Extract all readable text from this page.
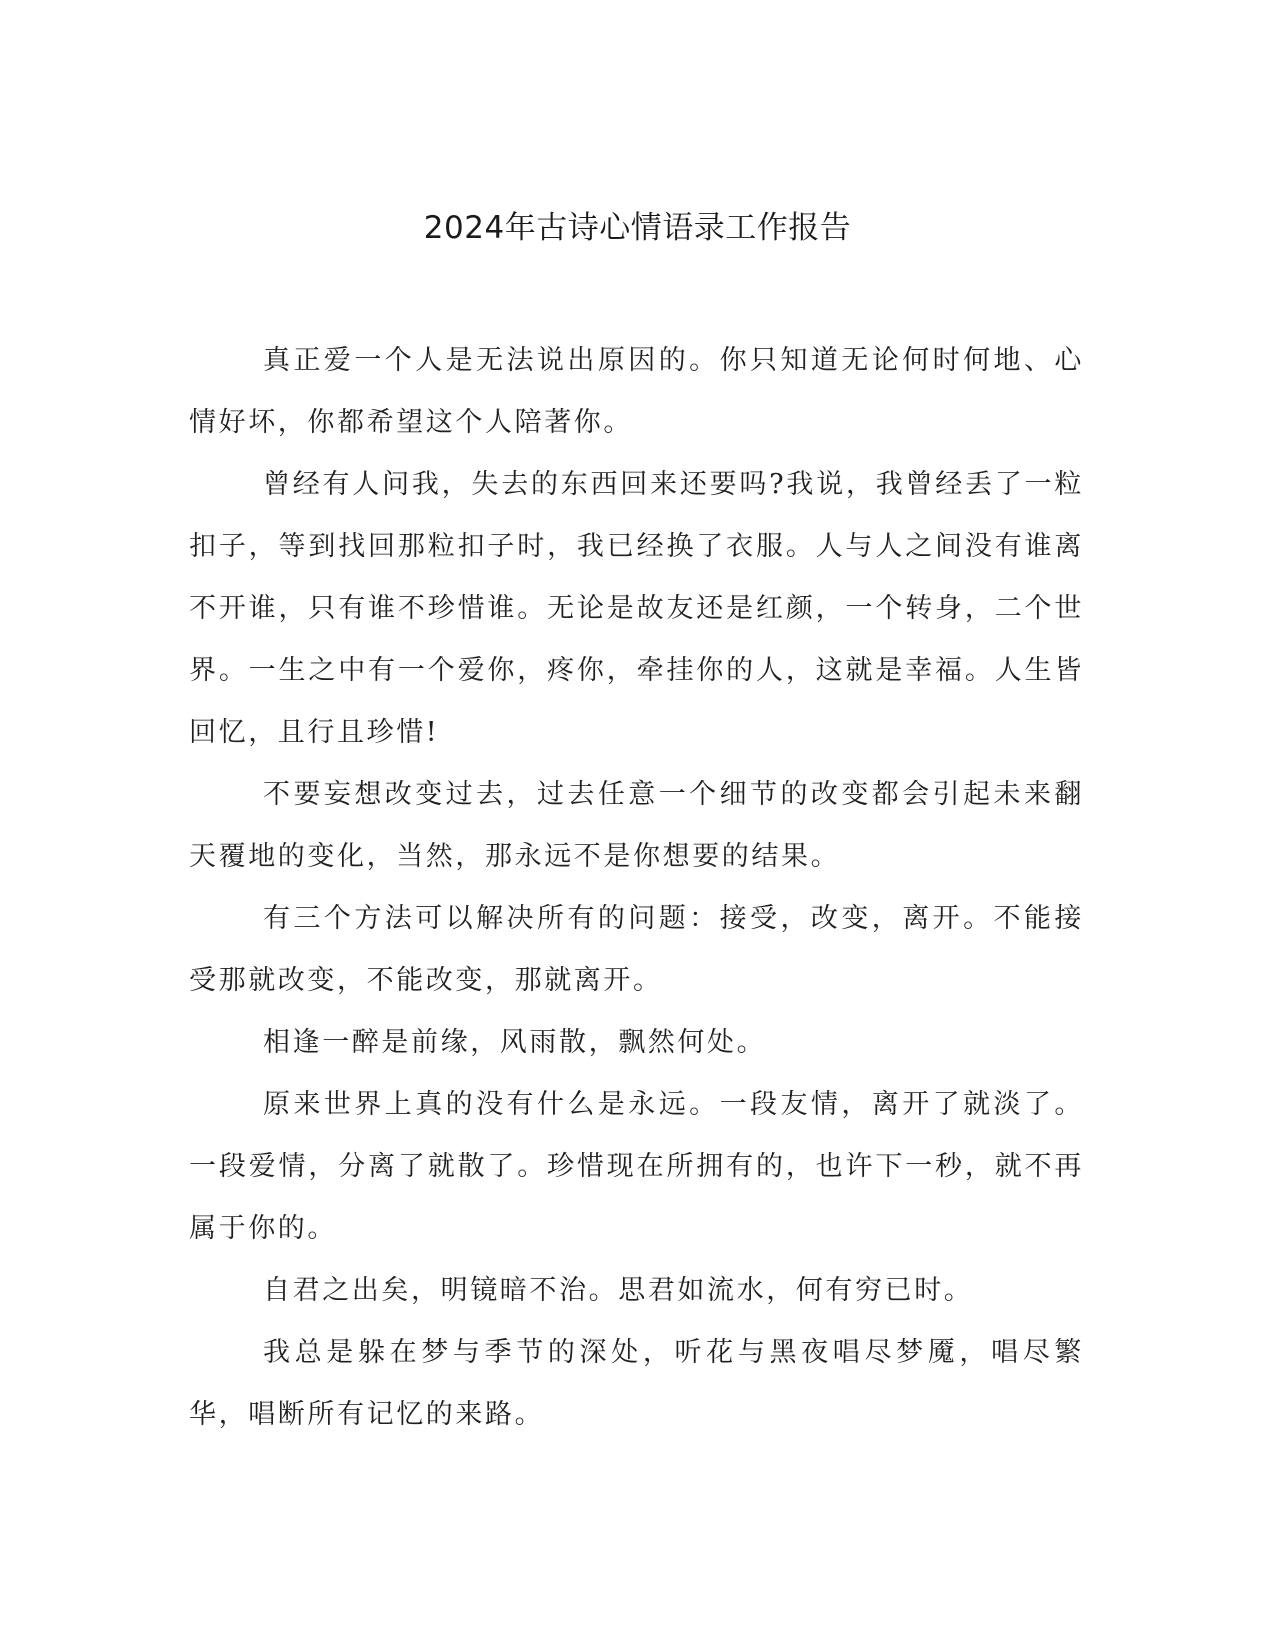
2024年古诗心情语录工作报告

真正爱一个人是无法说出原因的。你只知道无论何时何地、心情好坏，你都希望这个人陪著你。

曾经有人问我，失去的东西回来还要吗?我说，我曾经丢了一粒扣子，等到找回那粒扣子时，我已经换了衣服。人与人之间没有谁离不开谁，只有谁不珍惜谁。无论是故友还是红颜，一个转身，二个世界。一生之中有一个爱你，疼你，牵挂你的人，这就是幸福。人生皆回忆，且行且珍惜!

不要妄想改变过去，过去任意一个细节的改变都会引起未来翻天覆地的变化，当然，那永远不是你想要的结果。

有三个方法可以解决所有的问题：接受，改变，离开。不能接受那就改变，不能改变，那就离开。

相逢一醉是前缘，风雨散，飘然何处。

原来世界上真的没有什么是永远。一段友情，离开了就淡了。一段爱情，分离了就散了。珍惜现在所拥有的，也许下一秒，就不再属于你的。

自君之出矣，明镜暗不治。思君如流水，何有穷已时。

我总是躲在梦与季节的深处，听花与黑夜唱尽梦魇，唱尽繁华，唱断所有记忆的来路。
